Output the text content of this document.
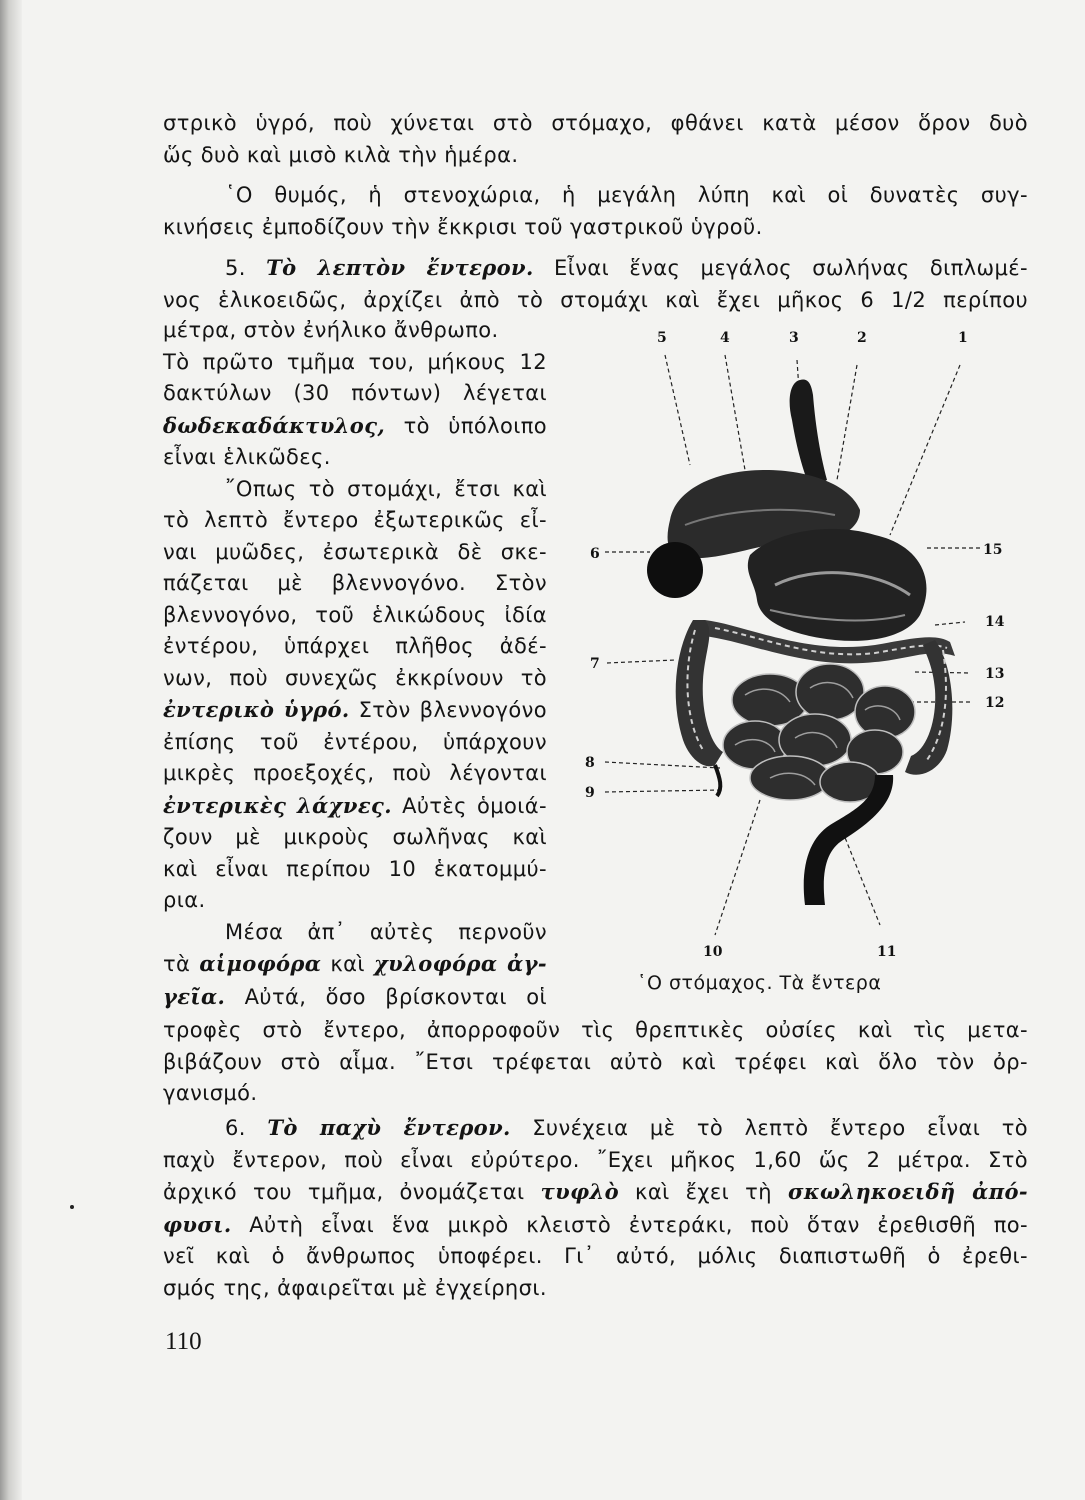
στρικὸ ὑγρό, ποὺ χύνεται στὸ στόμαχο, φθάνει κατὰ μέσον ὅρον δυὸ
ὥς δυὸ καὶ μισὸ κιλὰ τὴν ἡμέρα.
῾Ο θυμός, ἡ στενοχώρια, ἡ μεγάλη λύπη καὶ οἱ δυνατὲς συγ-
κινήσεις ἐμποδίζουν τὴν ἔκκρισι τοῦ γαστρικοῦ ὑγροῦ.
5. Τὸ λεπτὸν ἔντερον. Εἶναι ἕνας μεγάλος σωλήνας διπλωμέ-
νος ἑλικοειδῶς, ἀρχίζει ἀπὸ τὸ στομάχι καὶ ἔχει μῆκος 6 1/2 περίπου
μέτρα, στὸν ἐνήλικο ἄνθρωπο.
Τὸ πρῶτο τμῆμα του, μήκους 12
δακτύλων (30 πόντων) λέγεται
δωδεκαδάκτυλος, τὸ ὑπόλοιπο
εἶναι ἑλικῶδες.
῎Οπως τὸ στομάχι, ἔτσι καὶ
τὸ λεπτὸ ἔντερο ἐξωτερικῶς εἶ-
ναι μυῶδες, ἐσωτερικὰ δὲ σκε-
πάζεται μὲ βλεννογόνο. Στὸν
βλεννογόνο, τοῦ ἑλικώδους ἰδία
ἐντέρου, ὑπάρχει πλῆθος ἀδέ-
νων, ποὺ συνεχῶς ἐκκρίνουν τὸ
ἐντερικὸ ὑγρό. Στὸν βλεννογόνο
ἐπίσης τοῦ ἐντέρου, ὑπάρχουν
μικρὲς προεξοχές, ποὺ λέγονται
ἐντερικὲς λάχνες. Αὐτὲς ὁμοιά-
ζουν μὲ μικροὺς σωλῆνας καὶ
καὶ εἶναι περίπου 10 ἑκατομμύ-
ρια.
Μέσα ἀπ᾿ αὐτὲς περνοῦν
τὰ αἱμοφόρα καὶ χυλοφόρα ἀγ-
γεῖα. Αὐτά, ὅσο βρίσκονται οἱ
1
2
3
4
5
6
7
8
9
10	11
12
13
14
15
῾Ο στόμαχος. Τὰ ἔντερα
τροφὲς στὸ ἔντερο, ἀπορροφοῦν τὶς θρεπτικὲς οὐσίες καὶ τὶς μετα-
βιβάζουν στὸ αἷμα. ῎Ετσι τρέφεται αὐτὸ καὶ τρέφει καὶ ὅλο τὸν ὀρ-
γανισμό.
6. Τὸ παχὺ ἔντερον. Συνέχεια μὲ τὸ λεπτὸ ἔντερο εἶναι τὸ
παχὺ ἔντερον, ποὺ εἶναι εὐρύτερο. ῎Εχει μῆκος 1,60 ὥς 2 μέτρα. Στὸ
ἀρχικό του τμῆμα, ὀνομάζεται τυφλὸ καὶ ἔχει τὴ σκωληκοειδῆ ἀπό-
φυσι. Αὐτὴ εἶναι ἕνα μικρὸ κλειστὸ ἐντεράκι, ποὺ ὅταν ἐρεθισθῆ πο-
νεῖ καὶ ὁ ἄνθρωπος ὑποφέρει. Γι᾿ αὐτό, μόλις διαπιστωθῆ ὁ ἐρεθι-
σμός της, ἀφαιρεῖται μὲ ἐγχείρησι.
110
